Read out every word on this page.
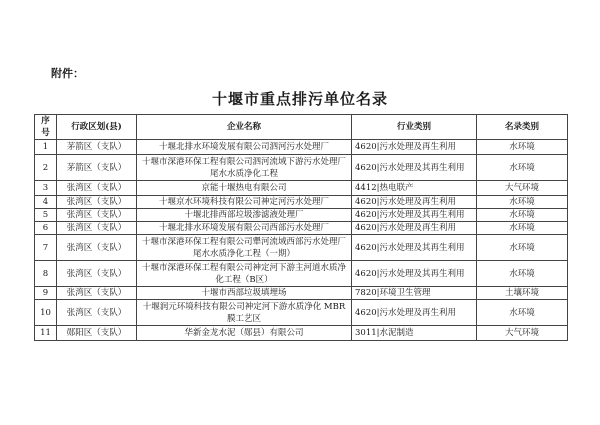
附件：
十堰市重点排污单位名录
序号	行政区划(县)	企业名称	行业类别	名录类别
1	茅箭区（支队）	十堰北排水环境发展有限公司泗河污水处理厂	4620|污水处理及再生利用	水环境
2	茅箭区（支队）	十堰市深港环保工程有限公司泗河流域下游污水处理厂尾水水质净化工程	4620|污水处理及其再生利用	水环境
3	张湾区（支队）	京能十堰热电有限公司	4412|热电联产	大气环境
4	张湾区（支队）	十堰京水环境科技有限公司神定河污水处理厂	4620|污水处理及再生利用	水环境
5	张湾区（支队）	十堰北排西部垃圾渗滤液处理厂	4620|污水处理及其再生利用	水环境
6	张湾区（支队）	十堰北排水环境发展有限公司西部污水处理厂	4620|污水处理及再生利用	水环境
7	张湾区（支队）	十堰市深港环保工程有限公司犟河流域西部污水处理厂尾水水质净化工程（一期）	4620|污水处理及其再生利用	水环境
8	张湾区（支队）	十堰市深港环保工程有限公司神定河下游主河道水质净化工程（B区）	4620|污水处理及其再生利用	水环境
9	张湾区（支队）	十堰市西部垃圾填埋场	7820|环境卫生管理	土壤环境
10	张湾区（支队）	十堰润元环境科技有限公司神定河下游水质净化 MBR 膜工艺区	4620|污水处理及再生利用	水环境
11	郧阳区（支队）	华新金龙水泥（郧县）有限公司	3011|水泥制造	大气环境
